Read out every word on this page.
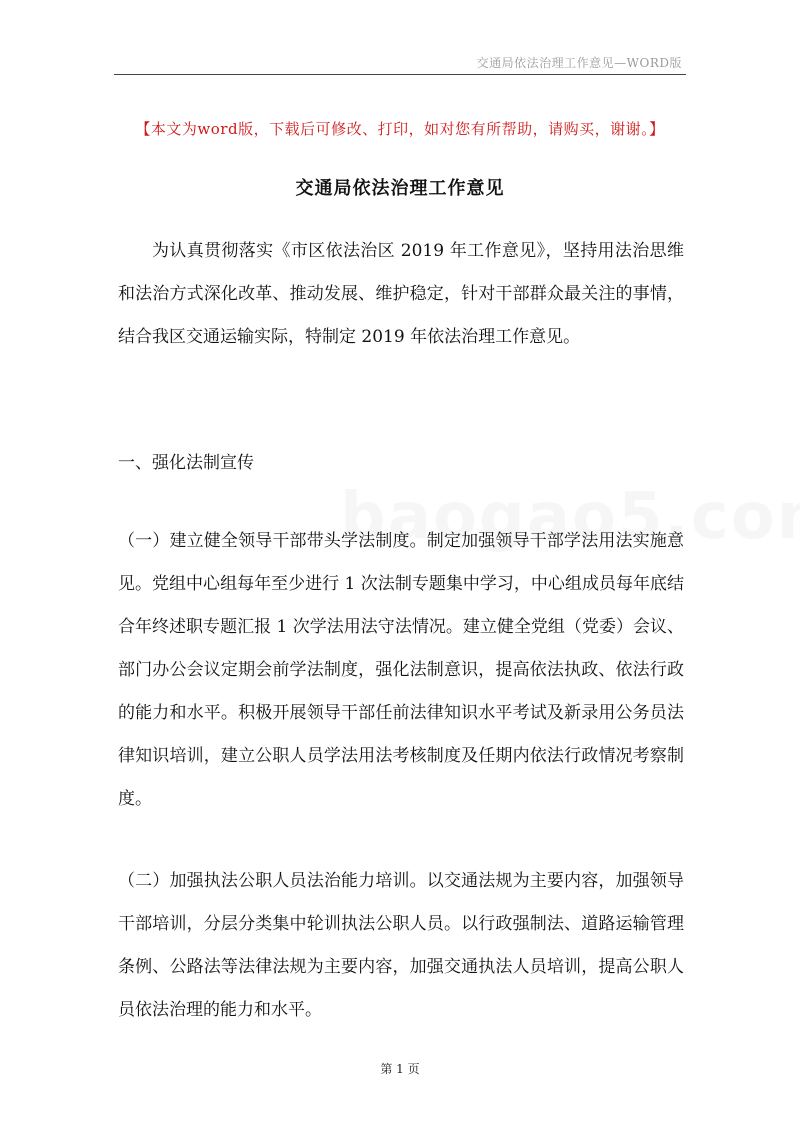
交通局依法治理工作意见—WORD版
【本文为word版，下载后可修改、打印，如对您有所帮助，请购买，谢谢。】
交通局依法治理工作意见

为认真贯彻落实《市区依法治区 2019 年工作意见》，坚持用法治思维和法治方式深化改革、推动发展、维护稳定，针对干部群众最关注的事情，结合我区交通运输实际，特制定 2019 年依法治理工作意见。

一、强化法制宣传

（一）建立健全领导干部带头学法制度。制定加强领导干部学法用法实施意见。党组中心组每年至少进行 1 次法制专题集中学习，中心组成员每年底结合年终述职专题汇报 1 次学法用法守法情况。建立健全党组（党委）会议、部门办公会议定期会前学法制度，强化法制意识，提高依法执政、依法行政的能力和水平。积极开展领导干部任前法律知识水平考试及新录用公务员法律知识培训，建立公职人员学法用法考核制度及任期内依法行政情况考察制度。

（二）加强执法公职人员法治能力培训。以交通法规为主要内容，加强领导干部培训，分层分类集中轮训执法公职人员。以行政强制法、道路运输管理条例、公路法等法律法规为主要内容，加强交通执法人员培训，提高公职人员依法治理的能力和水平。

第 1 页
